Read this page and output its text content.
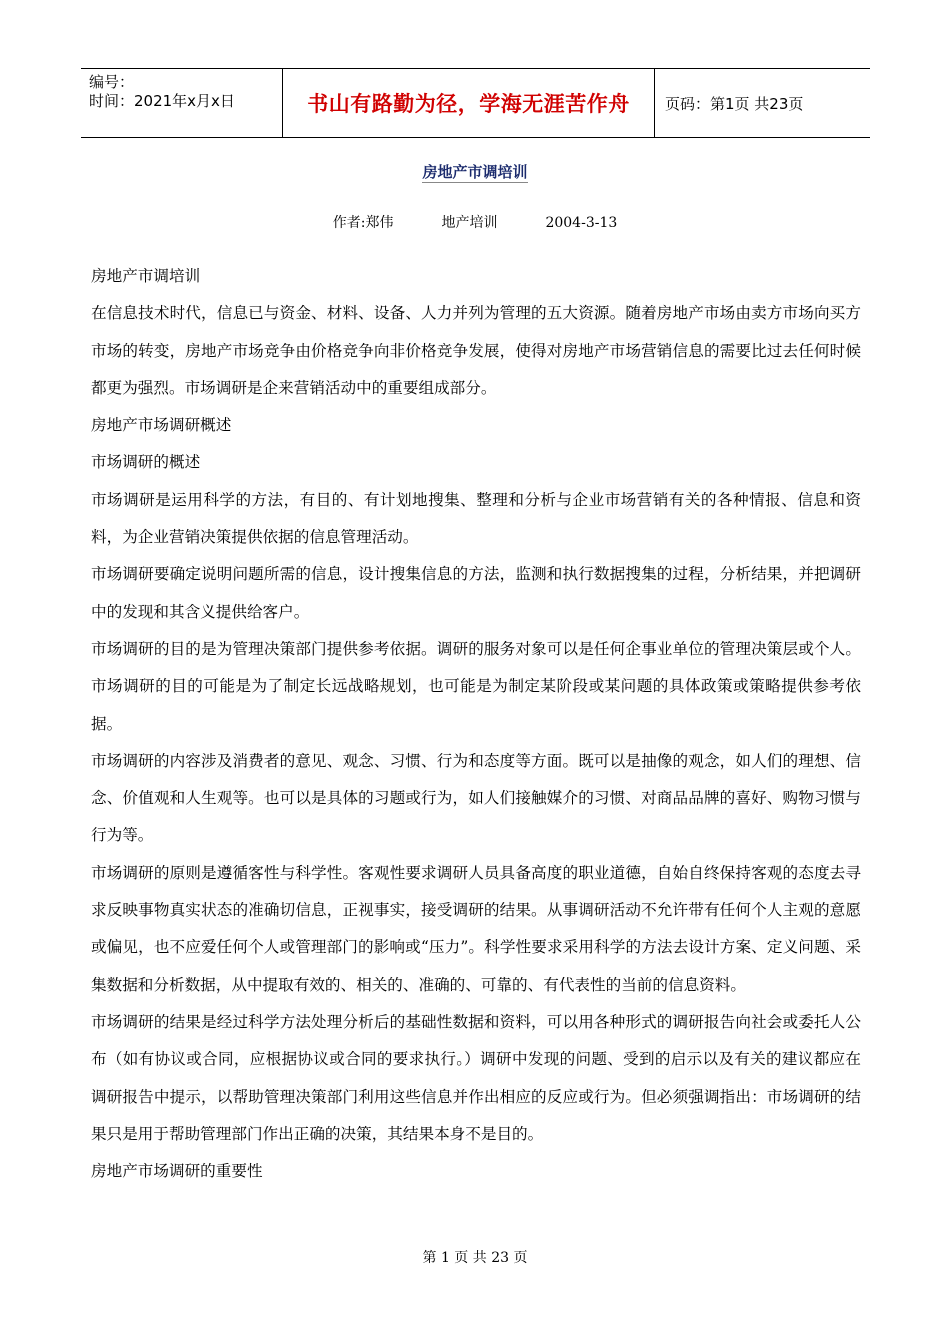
编号：
时间：2021年x月x日	书山有路勤为径，学海无涯苦作舟 页码：第1页 共23页
房地产市调培训
作者:郑伟	地产培训	2004-3-13

房地产市调培训

在信息技术时代，信息已与资金、材料、设备、人力并列为管理的五大资源。随着房地产市场由卖方市场向买方市场的转变，房地产市场竞争由价格竞争向非价格竞争发展，使得对房地产市场营销信息的需要比过去任何时候都更为强烈。市场调研是企来营销活动中的重要组成部分。

房地产市场调研概述

市场调研的概述

市场调研是运用科学的方法，有目的、有计划地搜集、整理和分析与企业市场营销有关的各种情报、信息和资料，为企业营销决策提供依据的信息管理活动。

市场调研要确定说明问题所需的信息，设计搜集信息的方法，监测和执行数据搜集的过程，分析结果，并把调研中的发现和其含义提供给客户。

市场调研的目的是为管理决策部门提供参考依据。调研的服务对象可以是任何企事业单位的管理决策层或个人。市场调研的目的可能是为了制定长远战略规划，也可能是为制定某阶段或某问题的具体政策或策略提供参考依据。

市场调研的内容涉及消费者的意见、观念、习惯、行为和态度等方面。既可以是抽像的观念，如人们的理想、信念、价值观和人生观等。也可以是具体的习题或行为，如人们接触媒介的习惯、对商品品牌的喜好、购物习惯与行为等。

市场调研的原则是遵循客性与科学性。客观性要求调研人员具备高度的职业道德，自始自终保持客观的态度去寻求反映事物真实状态的准确切信息，正视事实，接受调研的结果。从事调研活动不允许带有任何个人主观的意愿或偏见，也不应爱任何个人或管理部门的影响或“压力”。科学性要求采用科学的方法去设计方案、定义问题、采集数据和分析数据，从中提取有效的、相关的、准确的、可靠的、有代表性的当前的信息资料。

市场调研的结果是经过科学方法处理分析后的基础性数据和资料，可以用各种形式的调研报告向社会或委托人公布（如有协议或合同，应根据协议或合同的要求执行。）调研中发现的问题、受到的启示以及有关的建议都应在调研报告中提示，以帮助管理决策部门利用这些信息并作出相应的反应或行为。但必须强调指出：市场调研的结果只是用于帮助管理部门作出正确的决策，其结果本身不是目的。

房地产市场调研的重要性

第 1 页 共 23 页
